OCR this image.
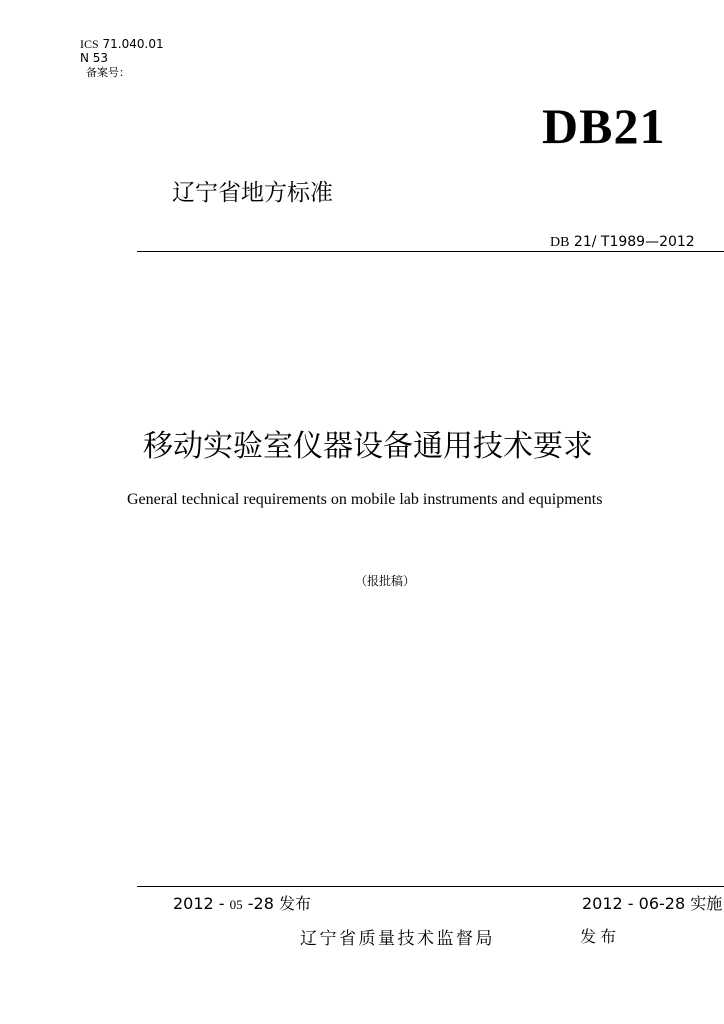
ICS 71.040.01
N 53
备案号：
DB21
辽宁省地方标准
DB 21/ T1989—2012
移动实验室仪器设备通用技术要求
General technical requirements on mobile lab instruments and equipments
（报批稿）
2012 - 05 -28 发布	2012 - 06-28 实施
辽宁省质量技术监督局	发布
